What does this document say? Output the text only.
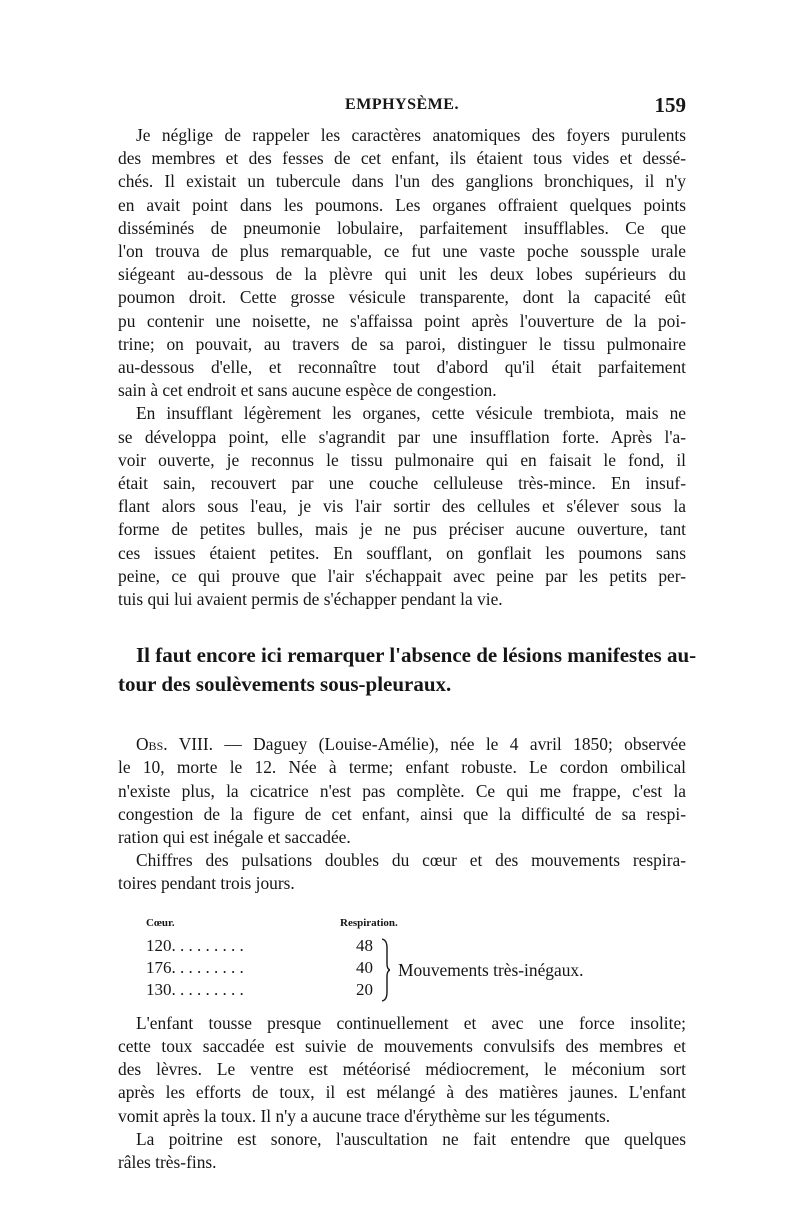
EMPHYSÈME.	159
Je néglige de rappeler les caractères anatomiques des foyers purulents
des membres et des fesses de cet enfant, ils étaient tous vides et dessé-
chés. Il existait un tubercule dans l'un des ganglions bronchiques, il n'y
en avait point dans les poumons. Les organes offraient quelques points
disséminés de pneumonie lobulaire, parfaitement insufflables. Ce que
l'on trouva de plus remarquable, ce fut une vaste poche soussple urale
siégeant au-dessous de la plèvre qui unit les deux lobes supérieurs du
poumon droit. Cette grosse vésicule transparente, dont la capacité eût
pu contenir une noisette, ne s'affaissa point après l'ouverture de la poi-
trine; on pouvait, au travers de sa paroi, distinguer le tissu pulmonaire
au-dessous d'elle, et reconnaître tout d'abord qu'il était parfaitement
sain à cet endroit et sans aucune espèce de congestion.
En insufflant légèrement les organes, cette vésicule trembiota, mais ne
se développa point, elle s'agrandit par une insufflation forte. Après l'a-
voir ouverte, je reconnus le tissu pulmonaire qui en faisait le fond, il
était sain, recouvert par une couche celluleuse très-mince. En insuf-
flant alors sous l'eau, je vis l'air sortir des cellules et s'élever sous la
forme de petites bulles, mais je ne pus préciser aucune ouverture, tant
ces issues étaient petites. En soufflant, on gonflait les poumons sans
peine, ce qui prouve que l'air s'échappait avec peine par les petits per-
tuis qui lui avaient permis de s'échapper pendant la vie.
Il faut encore ici remarquer l'absence de lésions manifestes au-
tour des soulèvements sous-pleuraux.
Obs. VIII. — Daguey (Louise-Amélie), née le 4 avril 1850; observée
le 10, morte le 12. Née à terme; enfant robuste. Le cordon ombilical
n'existe plus, la cicatrice n'est pas complète. Ce qui me frappe, c'est la
congestion de la figure de cet enfant, ainsi que la difficulté de sa respi-
ration qui est inégale et saccadée.
Chiffres des pulsations doubles du cœur et des mouvements respira-
toires pendant trois jours.
Cœur.	Respiration.
120. . . . . . . . .	48
176. . . . . . . . .	40
130. . . . . . . . .	20
Mouvements très-inégaux.
L'enfant tousse presque continuellement et avec une force insolite;
cette toux saccadée est suivie de mouvements convulsifs des membres et
des lèvres. Le ventre est météorisé médiocrement, le méconium sort
après les efforts de toux, il est mélangé à des matières jaunes. L'enfant
vomit après la toux. Il n'y a aucune trace d'érythème sur les téguments.
La poitrine est sonore, l'auscultation ne fait entendre que quelques
râles très-fins.
